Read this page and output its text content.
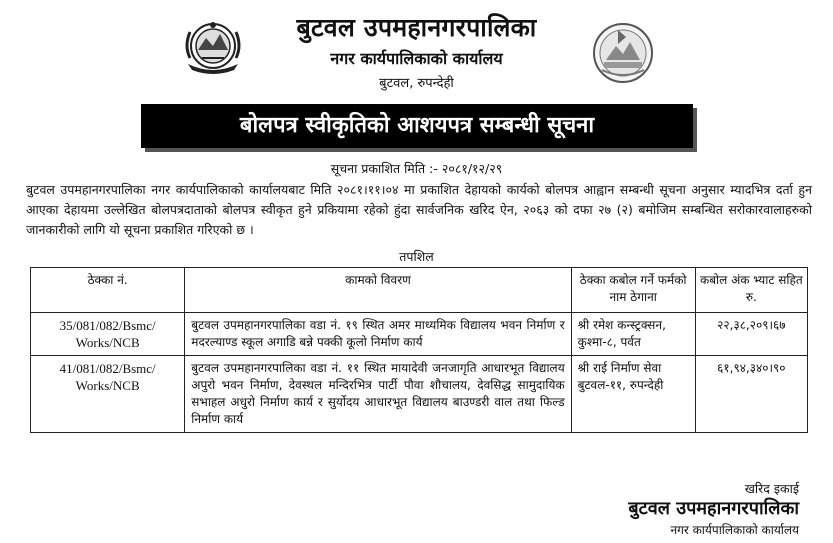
बुटवल उपमहानगरपालिका
नगर कार्यपालिकाको कार्यालय
बुटवल, रुपन्देही
बोलपत्र स्वीकृतिको आशयपत्र सम्बन्धी सूचना
सूचना प्रकाशित मिति :- २०८१/१२/२९

बुटवल उपमहानगरपालिका नगर कार्यपालिकाको कार्यालयबाट मिति २०८१।११।०४ मा प्रकाशित देहायको कार्यको बोलपत्र आह्वान सम्बन्धी सूचना अनुसार म्यादभित्र दर्ता हुन आएका देहायमा उल्लेखित बोलपत्रदाताको बोलपत्र स्वीकृत हुने प्रकियामा रहेको हुंदा सार्वजनिक खरिद ऐन, २०६३ को दफा २७ (२) बमोजिम सम्बन्धित सरोकारवालाहरुको जानकारीको लागि यो सूचना प्रकाशित गरिएको छ ।

तपशिल
ठेक्का नं.	कामको विवरण	ठेक्का कबोल गर्ने फर्मको नाम ठेगाना	कबोल अंक भ्याट सहित रु.
35/081/082/Bsmc/ Works/NCB	बुटवल उपमहानगरपालिका वडा नं. १९ स्थित अमर माध्यमिक विद्यालय भवन निर्माण र मदरल्याण्ड स्कूल अगाडि बन्ने पक्की कूलो निर्माण कार्य	श्री रमेश कन्स्ट्रक्सन, कुश्मा-८, पर्वत	२२,३८,२०९।६७
41/081/082/Bsmc/ Works/NCB	बुटवल उपमहानगरपालिका वडा नं. ११ स्थित मायादेवी जनजागृति आधारभूत विद्यालय अपुरो भवन निर्माण, देवस्थल मन्दिरभित्र पार्टी पौवा शौचालय, देवसिद्ध सामुदायिक सभाहल अधुरो निर्माण कार्य र सुर्योदय आधारभूत विद्यालय बाउण्डरी वाल तथा फिल्ड निर्माण कार्य	श्री राई निर्माण सेवा बुटवल-११, रुपन्देही	६१,९४,३४०।९०
खरिद इकाई
बुटवल उपमहानगरपालिका
नगर कार्यपालिकाको कार्यालय
